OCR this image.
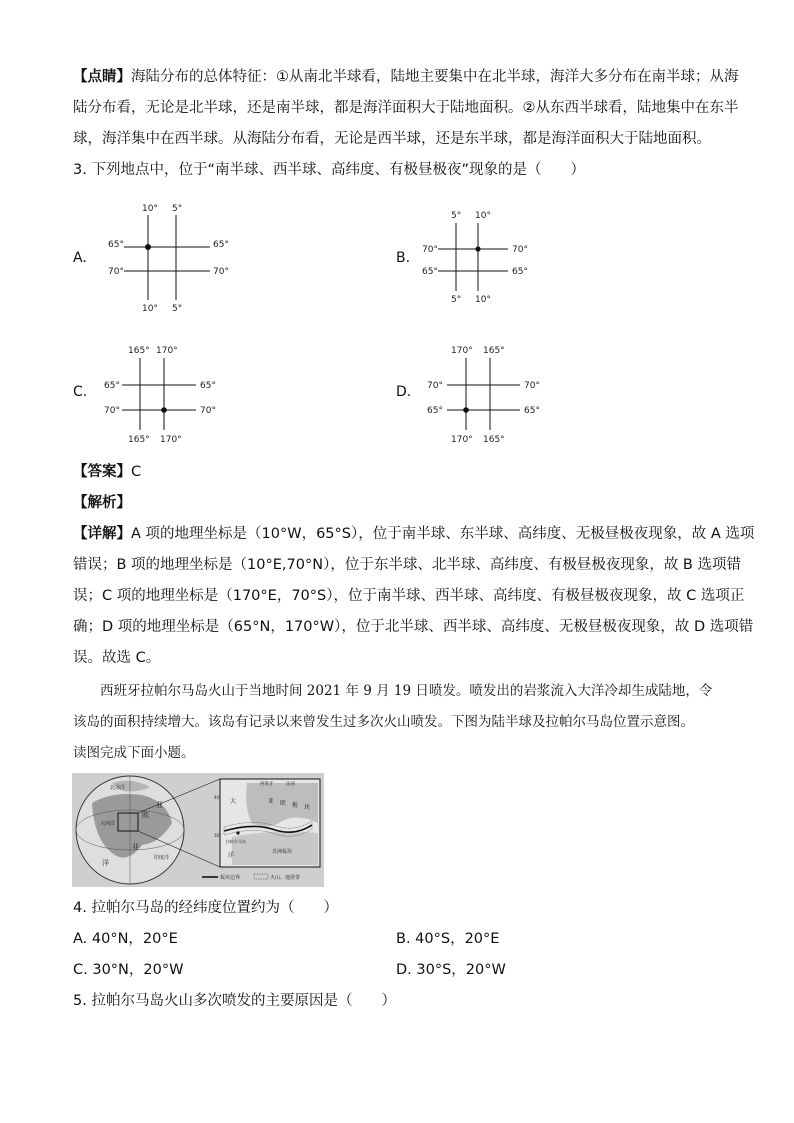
【点睛】海陆分布的总体特征：①从南北半球看，陆地主要集中在北半球，海洋大多分布在南半球；从海
陆分布看，无论是北半球，还是南半球，都是海洋面积大于陆地面积。②从东西半球看，陆地集中在东半
球，海洋集中在西半球。从海陆分布看，无论是西半球，还是东半球，都是海洋面积大于陆地面积。
3. 下列地点中，位于“南半球、西半球、高纬度、有极昼极夜”现象的是（　　）
A.
10° 5°
10° 5°
65°
70°
65°
70°
B.
5° 10°
5° 10°
70°
65°
70°
65°
C.
165° 170°
165° 170°
65°
70°
65°
70°
D.
170° 165°
170° 165°
70°
65°
70°
65°
【答案】C
【解析】
【详解】A 项的地理坐标是（10°W，65°S），位于南半球、东半球、高纬度、无极昼极夜现象，故 A 选项
错误；B 项的地理坐标是（10°E,70°N），位于东半球、北半球、高纬度、有极昼极夜现象，故 B 选项错
误；C 项的地理坐标是（170°E，70°S），位于南半球、西半球、高纬度、有极昼极夜现象，故 C 选项正
确；D 项的地理坐标是（65°N，170°W），位于北半球、西半球、高纬度、无极昼极夜现象，故 D 选项错
误。故选 C。
西班牙拉帕尔马岛火山于当地时间 2021 年 9 月 19 日喷发。喷发出的岩浆流入大洋冷却生成陆地，令
该岛的面积持续增大。该岛有记录以来曾发生过多次火山喷发。下图为陆半球及拉帕尔马岛位置示意图。
读图完成下面小题。
北冰洋
大西洋
欧
亚
非
洋
印度洋
西班牙	法国
大	亚 欧 板 块
拉帕尔马岛
洋	非洲板块
30°
40°
板块边界	火山、地震带
4. 拉帕尔马岛的经纬度位置约为（　　）
A. 40°N，20°E	B. 40°S，20°E
C. 30°N，20°W	D. 30°S，20°W
5. 拉帕尔马岛火山多次喷发的主要原因是（　　）
